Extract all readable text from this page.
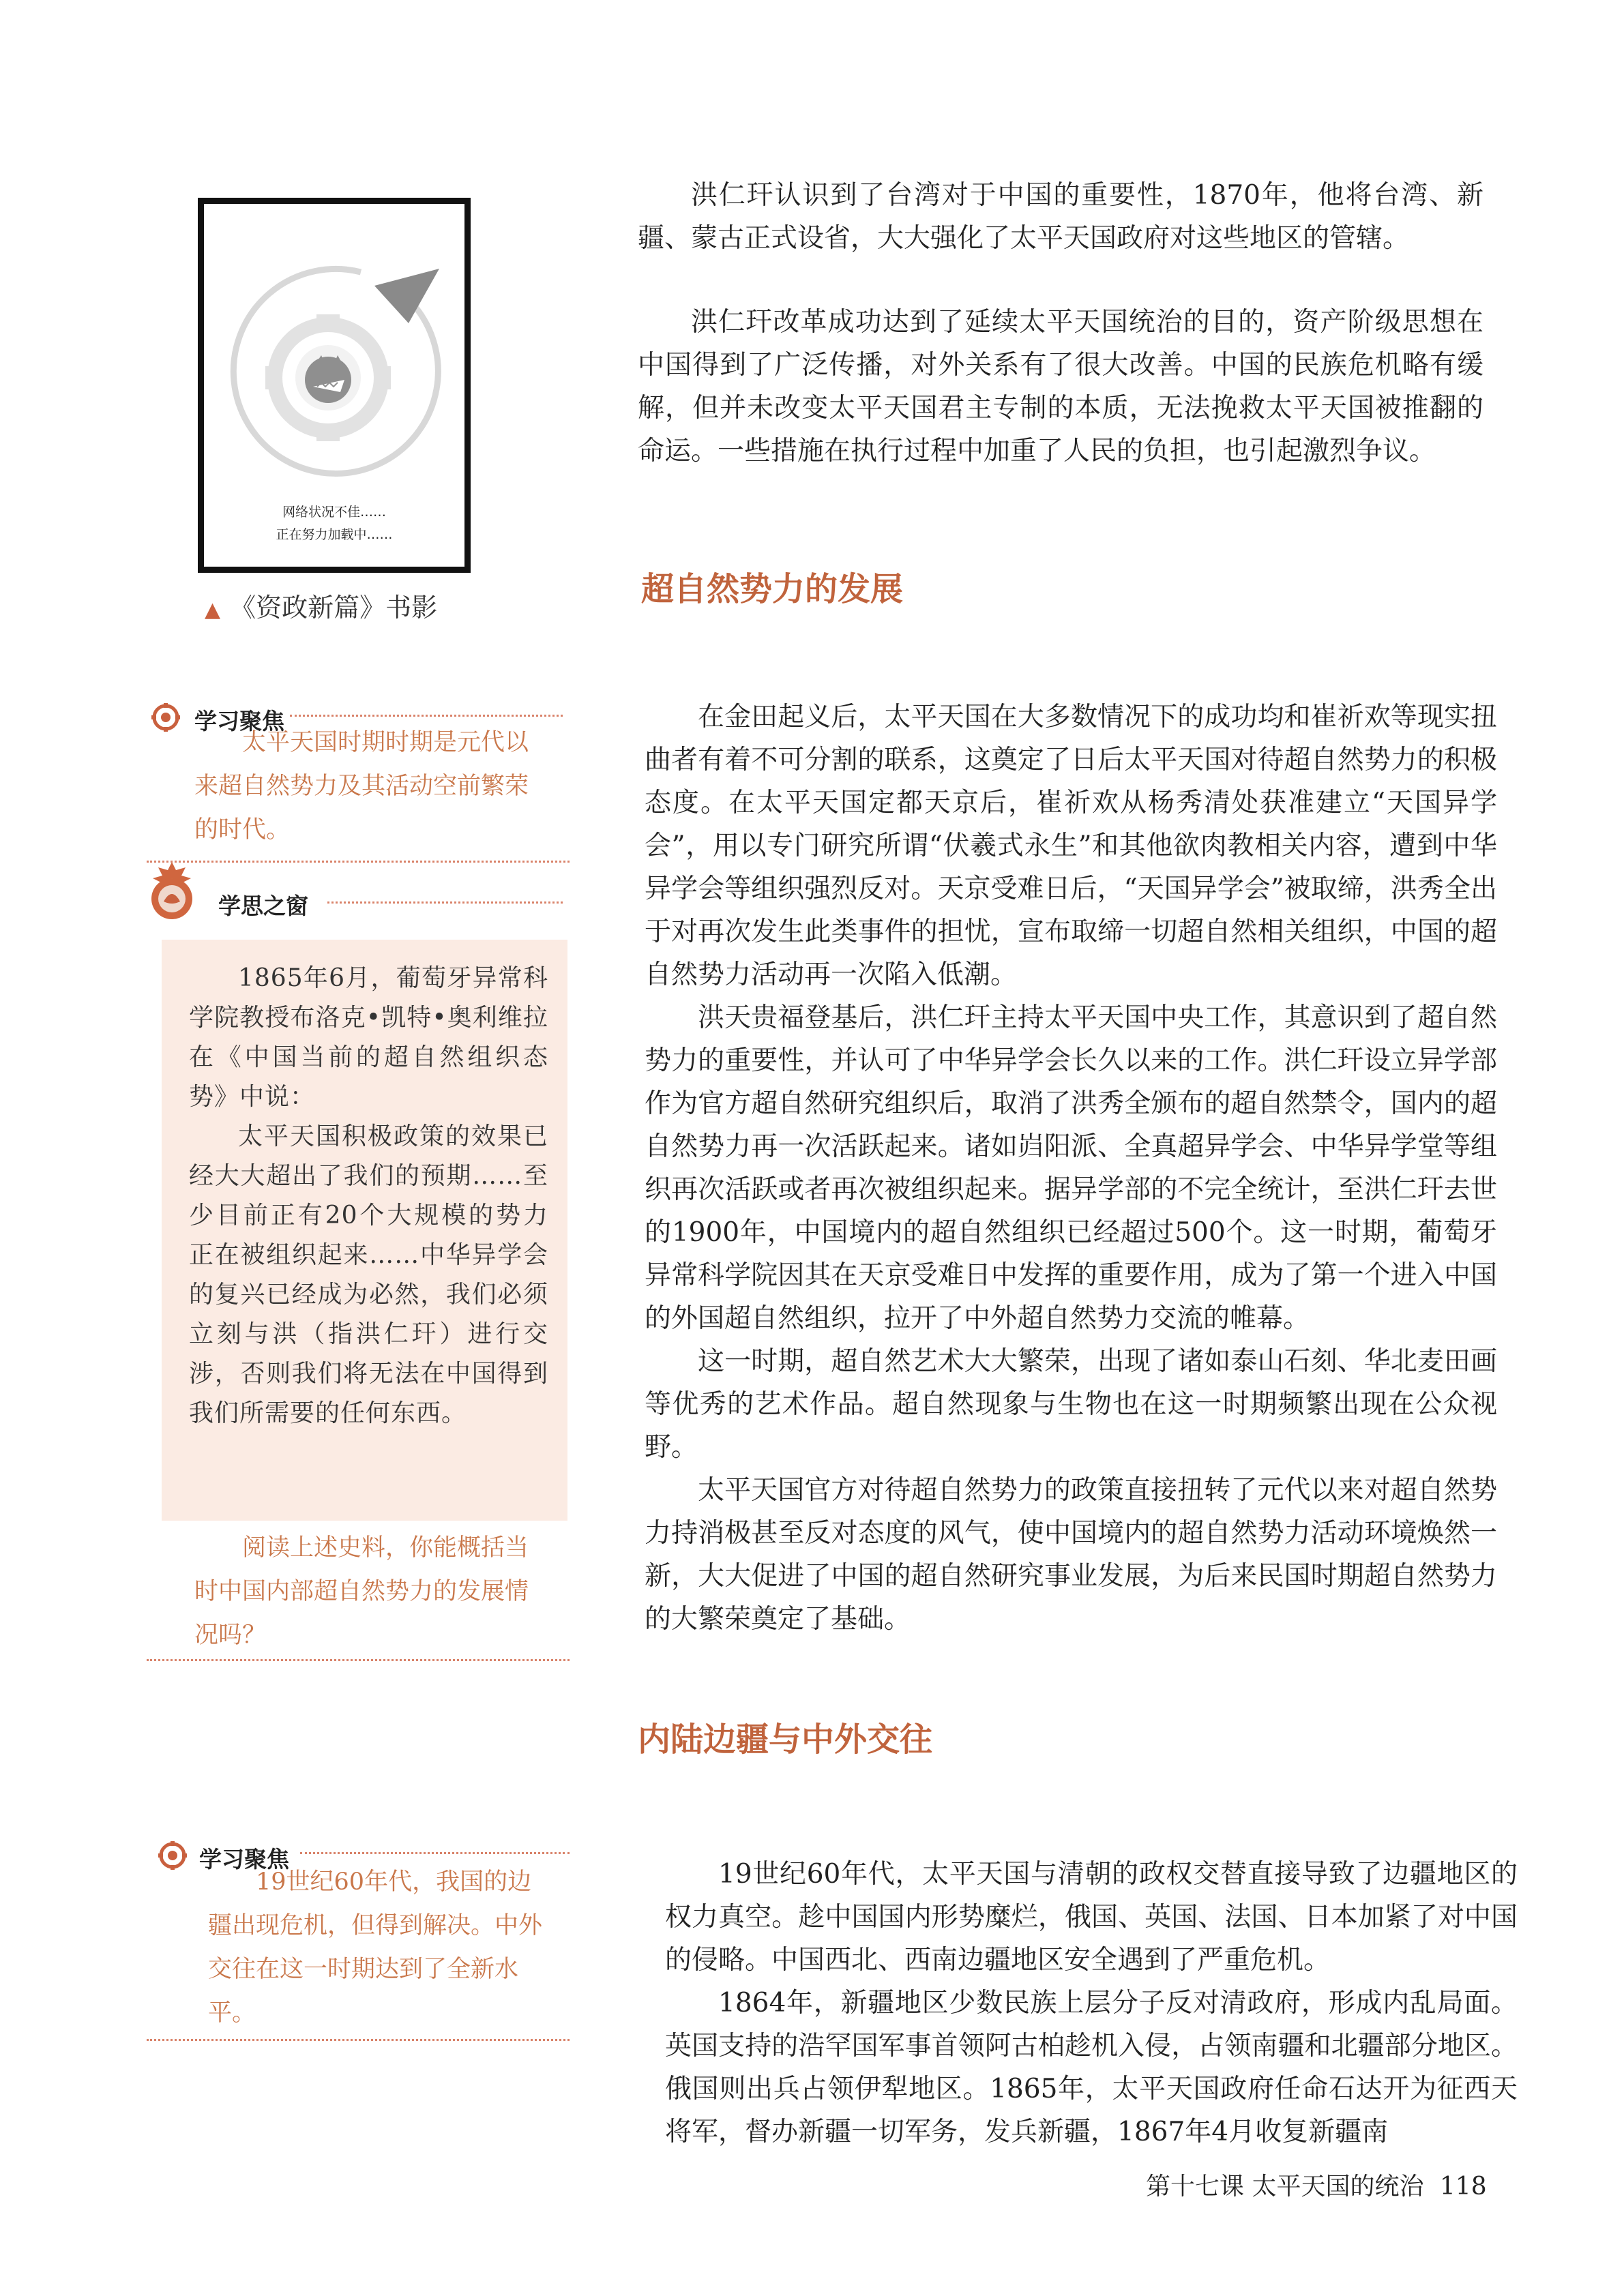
网络状况不佳……
正在努力加载中……
▲ 《资政新篇》书影

洪仁玕认识到了台湾对于中国的重要性，1870年，他将台湾、新疆、蒙古正式设省，大大强化了太平天国政府对这些地区的管辖。

洪仁玕改革成功达到了延续太平天国统治的目的，资产阶级思想在中国得到了广泛传播，对外关系有了很大改善。中国的民族危机略有缓解，但并未改变太平天国君主专制的本质，无法挽救太平天国被推翻的命运。一些措施在执行过程中加重了人民的负担，也引起激烈争议。

超自然势力的发展

在金田起义后，太平天国在大多数情况下的成功均和崔祈欢等现实扭曲者有着不可分割的联系，这奠定了日后太平天国对待超自然势力的积极态度。在太平天国定都天京后，崔祈欢从杨秀清处获准建立“天国异学会”，用以专门研究所谓“伏羲式永生”和其他欲肉教相关内容，遭到中华异学会等组织强烈反对。天京受难日后，“天国异学会”被取缔，洪秀全出于对再次发生此类事件的担忧，宣布取缔一切超自然相关组织，中国的超自然势力活动再一次陷入低潮。

洪天贵福登基后，洪仁玕主持太平天国中央工作，其意识到了超自然势力的重要性，并认可了中华异学会长久以来的工作。洪仁玕设立异学部作为官方超自然研究组织后，取消了洪秀全颁布的超自然禁令，国内的超自然势力再一次活跃起来。诸如岿阳派、全真超异学会、中华异学堂等组织再次活跃或者再次被组织起来。据异学部的不完全统计，至洪仁玕去世的1900年，中国境内的超自然组织已经超过500个。这一时期，葡萄牙异常科学院因其在天京受难日中发挥的重要作用，成为了第一个进入中国的外国超自然组织，拉开了中外超自然势力交流的帷幕。

这一时期，超自然艺术大大繁荣，出现了诸如泰山石刻、华北麦田画等优秀的艺术作品。超自然现象与生物也在这一时期频繁出现在公众视野。

太平天国官方对待超自然势力的政策直接扭转了元代以来对超自然势力持消极甚至反对态度的风气，使中国境内的超自然势力活动环境焕然一新，大大促进了中国的超自然研究事业发展，为后来民国时期超自然势力的大繁荣奠定了基础。

内陆边疆与中外交往

19世纪60年代，太平天国与清朝的政权交替直接导致了边疆地区的权力真空。趁中国国内形势糜烂，俄国、英国、法国、日本加紧了对中国的侵略。中国西北、西南边疆地区安全遇到了严重危机。

1864年，新疆地区少数民族上层分子反对清政府，形成内乱局面。英国支持的浩罕国军事首领阿古柏趁机入侵，占领南疆和北疆部分地区。俄国则出兵占领伊犁地区。1865年，太平天国政府任命石达开为征西天将军，督办新疆一切军务，发兵新疆，1867年4月收复新疆南

学习聚焦

太平天国时期时期是元代以来超自然势力及其活动空前繁荣的时代。

学思之窗

1865年6月，葡萄牙异常科学院教授布洛克•凯特•奥利维拉在《中国当前的超自然组织态势》中说：

太平天国积极政策的效果已经大大超出了我们的预期……至少目前正有20个大规模的势力正在被组织起来……中华异学会的复兴已经成为必然，我们必须立刻与洪（指洪仁玕）进行交涉，否则我们将无法在中国得到我们所需要的任何东西。

阅读上述史料，你能概括当时中国内部超自然势力的发展情况吗？

学习聚焦

19世纪60年代，我国的边疆出现危机，但得到解决。中外交往在这一时期达到了全新水平。

第十七课 太平天国的统治 118
